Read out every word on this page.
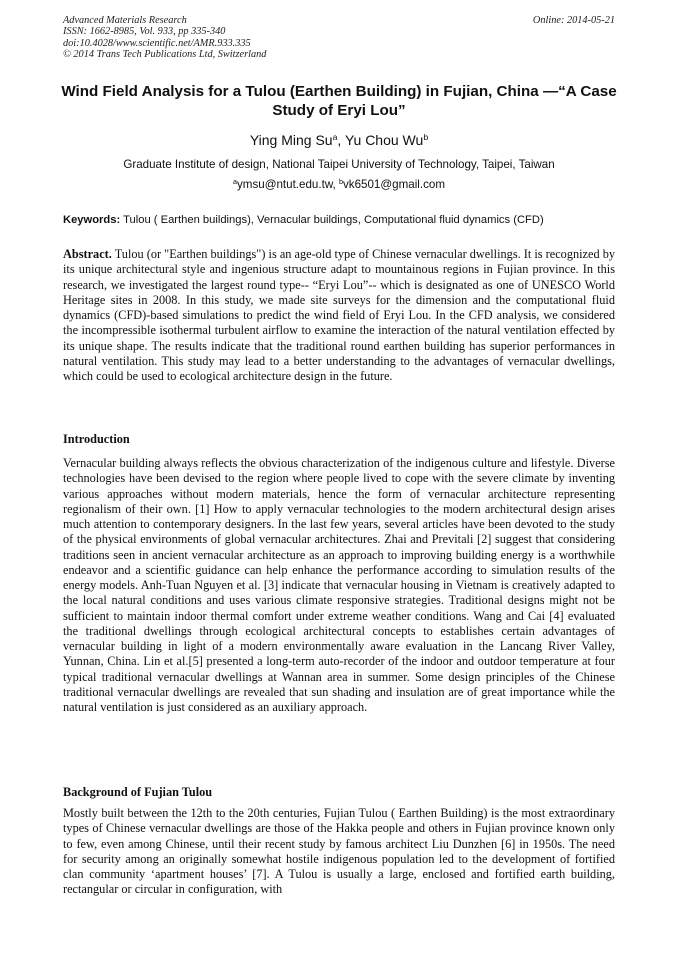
Advanced Materials Research
ISSN: 1662-8985, Vol. 933, pp 335-340
doi:10.4028/www.scientific.net/AMR.933.335
© 2014 Trans Tech Publications Ltd, Switzerland
Online: 2014-05-21
Wind Field Analysis for a Tulou (Earthen Building) in Fujian, China —“A Case Study of Eryi Lou”
Ying Ming Su$^a$, Yu Chou Wu$^b$
Graduate Institute of design, National Taipei University of Technology, Taipei, Taiwan
$^a$ymsu@ntut.edu.tw, $^b$vk6501@gmail.com
Keywords: Tulou ( Earthen buildings), Vernacular buildings, Computational fluid dynamics (CFD)
Abstract. Tulou (or "Earthen buildings") is an age-old type of Chinese vernacular dwellings. It is recognized by its unique architectural style and ingenious structure adapt to mountainous regions in Fujian province. In this research, we investigated the largest round type-- “Eryi Lou”-- which is designated as one of UNESCO World Heritage sites in 2008. In this study, we made site surveys for the dimension and the computational fluid dynamics (CFD)-based simulations to predict the wind field of Eryi Lou. In the CFD analysis, we considered the incompressible isothermal turbulent airflow to examine the interaction of the natural ventilation effected by its unique shape. The results indicate that the traditional round earthen building has superior performances in natural ventilation. This study may lead to a better understanding to the advantages of vernacular dwellings, which could be used to ecological architecture design in the future.
Introduction
Vernacular building always reflects the obvious characterization of the indigenous culture and lifestyle. Diverse technologies have been devised to the region where people lived to cope with the severe climate by inventing various approaches without modern materials, hence the form of vernacular architecture representing regionalism of their own. [1] How to apply vernacular technologies to the modern architectural design arises much attention to contemporary designers. In the last few years, several articles have been devoted to the study of the physical environments of global vernacular architectures. Zhai and Previtali [2] suggest that considering traditions seen in ancient vernacular architecture as an approach to improving building energy is a worthwhile endeavor and a scientific guidance can help enhance the performance according to simulation results of the energy models. Anh-Tuan Nguyen et al. [3] indicate that vernacular housing in Vietnam is creatively adapted to the local natural conditions and uses various climate responsive strategies. Traditional designs might not be sufficient to maintain indoor thermal comfort under extreme weather conditions. Wang and Cai [4] evaluated the traditional dwellings through ecological architectural concepts to establishes certain advantages of vernacular building in light of a modern environmentally aware evaluation in the Lancang River Valley, Yunnan, China. Lin et al.[5] presented a long-term auto-recorder of the indoor and outdoor temperature at four typical traditional vernacular dwellings at Wannan area in summer. Some design principles of the Chinese traditional vernacular dwellings are revealed that sun shading and insulation are of great importance while the natural ventilation is just considered as an auxiliary approach.
Background of Fujian Tulou
Mostly built between the 12th to the 20th centuries, Fujian Tulou ( Earthen Building) is the most extraordinary types of Chinese vernacular dwellings are those of the Hakka people and others in Fujian province known only to few, even among Chinese, until their recent study by famous architect Liu Dunzhen [6] in 1950s. The need for security among an originally somewhat hostile indigenous population led to the development of fortified clan community ‘apartment houses’ [7]. A Tulou is usually a large, enclosed and fortified earth building, rectangular or circular in configuration, with
